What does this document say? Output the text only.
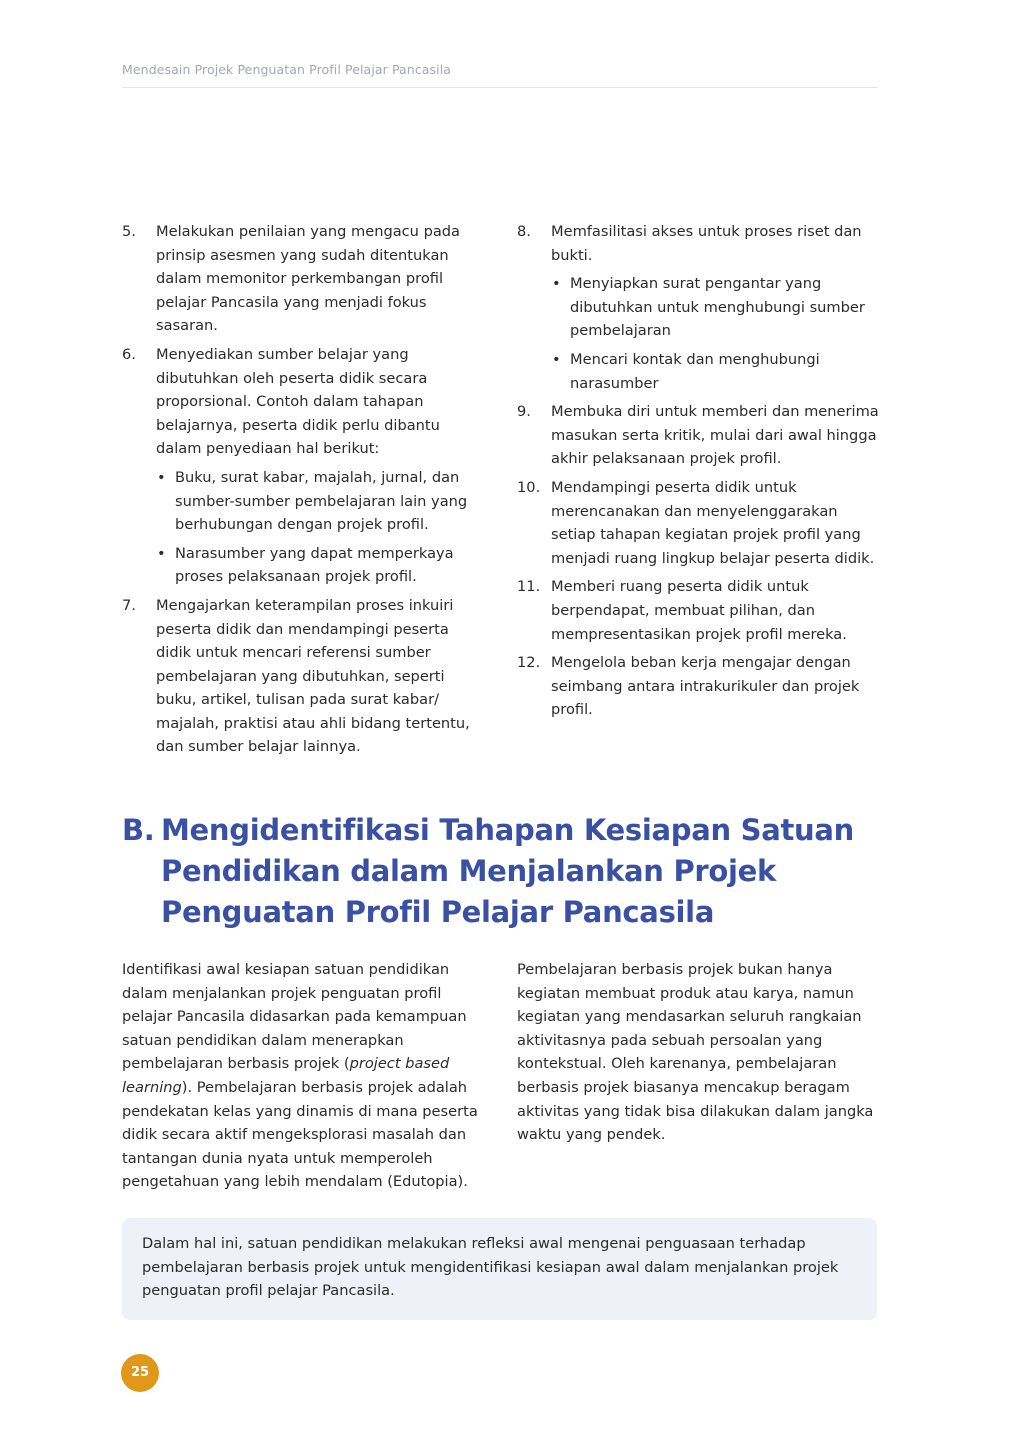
Mendesain Projek Penguatan Profil Pelajar Pancasila
5. Melakukan penilaian yang mengacu pada prinsip asesmen yang sudah ditentukan dalam memonitor perkembangan profil pelajar Pancasila yang menjadi fokus sasaran.
6. Menyediakan sumber belajar yang dibutuhkan oleh peserta didik secara proporsional. Contoh dalam tahapan belajarnya, peserta didik perlu dibantu dalam penyediaan hal berikut:
• Buku, surat kabar, majalah, jurnal, dan sumber-sumber pembelajaran lain yang berhubungan dengan projek profil.
• Narasumber yang dapat memperkaya proses pelaksanaan projek profil.
7. Mengajarkan keterampilan proses inkuiri peserta didik dan mendampingi peserta didik untuk mencari referensi sumber pembelajaran yang dibutuhkan, seperti buku, artikel, tulisan pada surat kabar/ majalah, praktisi atau ahli bidang tertentu, dan sumber belajar lainnya.
8. Memfasilitasi akses untuk proses riset dan bukti.
• Menyiapkan surat pengantar yang dibutuhkan untuk menghubungi sumber pembelajaran
• Mencari kontak dan menghubungi narasumber
9. Membuka diri untuk memberi dan menerima masukan serta kritik, mulai dari awal hingga akhir pelaksanaan projek profil.
10. Mendampingi peserta didik untuk merencanakan dan menyelenggarakan setiap tahapan kegiatan projek profil yang menjadi ruang lingkup belajar peserta didik.
11. Memberi ruang peserta didik untuk berpendapat, membuat pilihan, dan mempresentasikan projek profil mereka.
12. Mengelola beban kerja mengajar dengan seimbang antara intrakurikuler dan projek profil.
B. Mengidentifikasi Tahapan Kesiapan Satuan Pendidikan dalam Menjalankan Projek Penguatan Profil Pelajar Pancasila

Identifikasi awal kesiapan satuan pendidikan dalam menjalankan projek penguatan profil pelajar Pancasila didasarkan pada kemampuan satuan pendidikan dalam menerapkan pembelajaran berbasis projek (project based learning). Pembelajaran berbasis projek adalah pendekatan kelas yang dinamis di mana peserta didik secara aktif mengeksplorasi masalah dan tantangan dunia nyata untuk memperoleh pengetahuan yang lebih mendalam (Edutopia).

Pembelajaran berbasis projek bukan hanya kegiatan membuat produk atau karya, namun kegiatan yang mendasarkan seluruh rangkaian aktivitasnya pada sebuah persoalan yang kontekstual. Oleh karenanya, pembelajaran berbasis projek biasanya mencakup beragam aktivitas yang tidak bisa dilakukan dalam jangka waktu yang pendek.

Dalam hal ini, satuan pendidikan melakukan refleksi awal mengenai penguasaan terhadap pembelajaran berbasis projek untuk mengidentifikasi kesiapan awal dalam menjalankan projek penguatan profil pelajar Pancasila.
25
